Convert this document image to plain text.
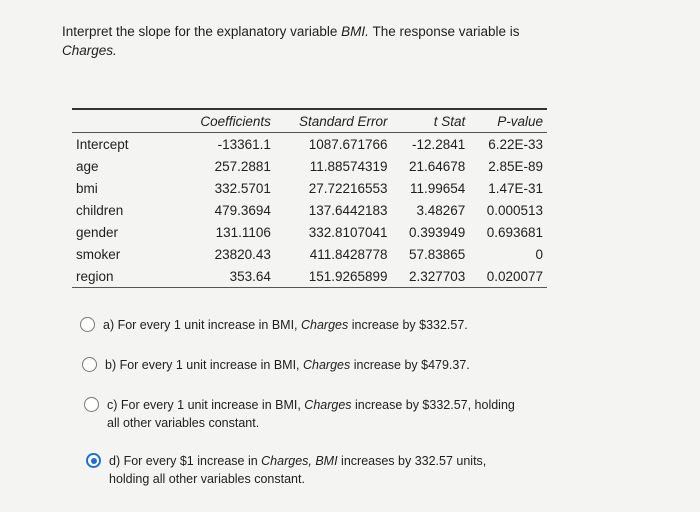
Interpret the slope for the explanatory variable BMI. The response variable is Charges.
	Coefficients	Standard Error	t Stat	P-value
Intercept	-13361.1	1087.671766	-12.2841	6.22E-33
age	257.2881	11.88574319	21.64678	2.85E-89
bmi	332.5701	27.72216553	11.99654	1.47E-31
children	479.3694	137.6442183	3.48267	0.000513
gender	131.1106	332.8107041	0.393949	0.693681
smoker	23820.43	411.8428778	57.83865	0
region	353.64	151.9265899	2.327703	0.020077
a) For every 1 unit increase in BMI, Charges increase by $332.57.
b) For every 1 unit increase in BMI, Charges increase by $479.37.
c) For every 1 unit increase in BMI, Charges increase by $332.57, holding all other variables constant.
d) For every $1 increase in Charges, BMI increases by 332.57 units, holding all other variables constant.
